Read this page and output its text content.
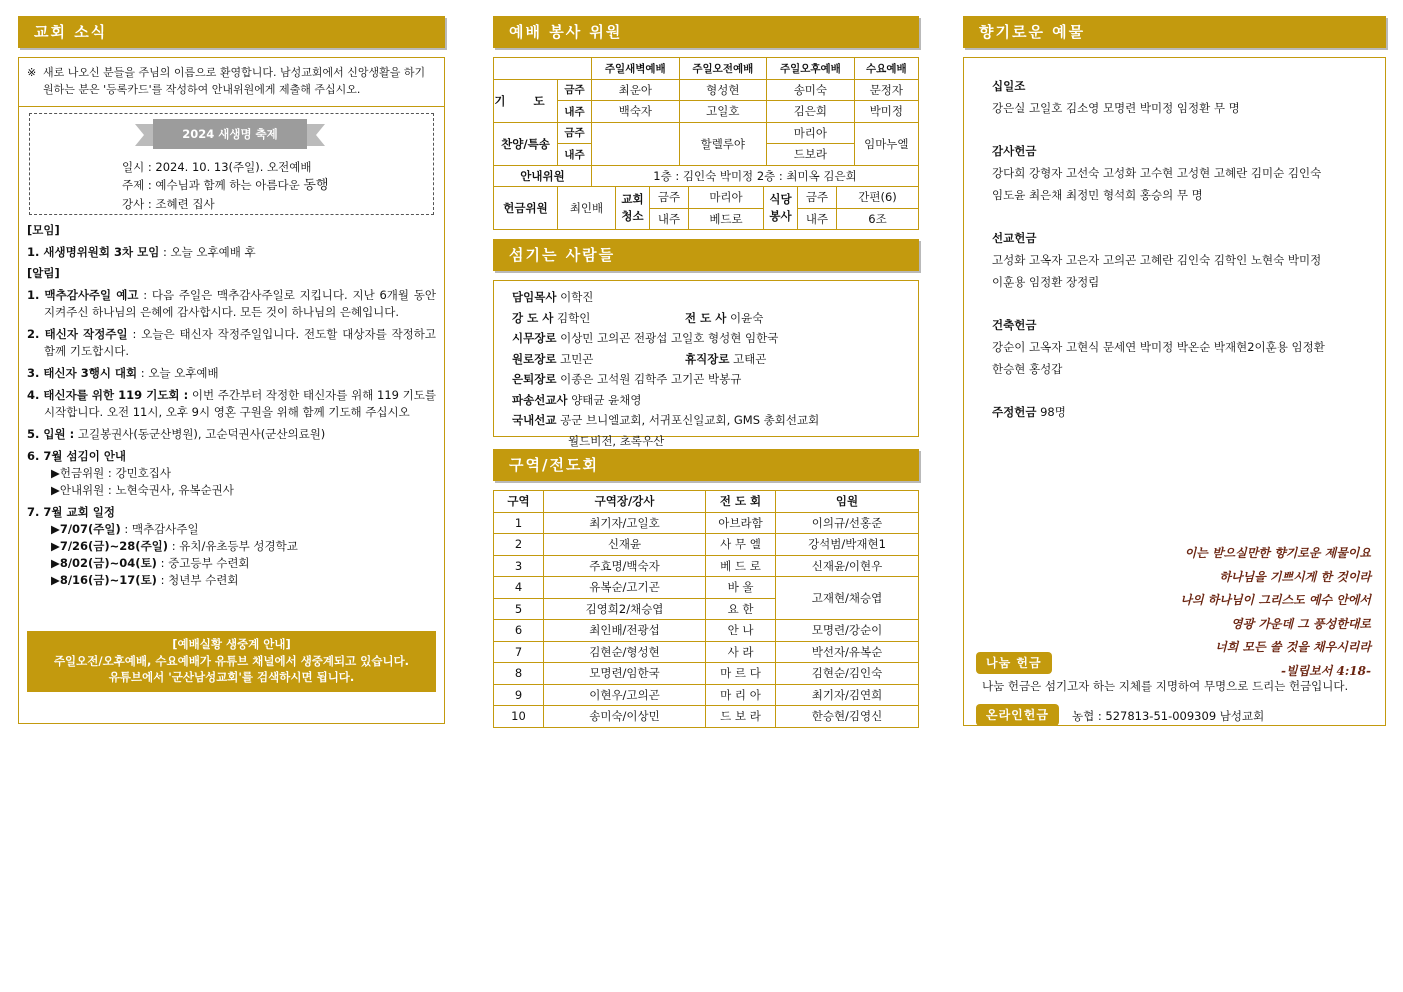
교회 소식
※ 새로 나오신 분들을 주님의 이름으로 환영합니다. 남성교회에서 신앙생활을 하기 원하는 분은 '등록카드'를 작성하여 안내위원에게 제출해 주십시오.
2024 새생명 축제
일시 : 2024. 10. 13(주일). 오전예배
주제 : 예수님과 함께 하는 아름다운 동행
강사 : 조혜련 집사
[모임]
1. 새생명위원회 3차 모임 : 오늘 오후예배 후
[알림]
1. 맥추감사주일 예고 : 다음 주일은 맥추감사주일로 지킵니다. 지난 6개월 동안 지켜주신 하나님의 은혜에 감사합시다. 모든 것이 하나님의 은혜입니다.
2. 태신자 작정주일 : 오늘은 태신자 작정주일입니다. 전도할 대상자를 작정하고 함께 기도합시다.
3. 태신자 3행시 대회 : 오늘 오후예배
4. 태신자를 위한 119 기도회 : 이번 주간부터 작정한 태신자를 위해 119 기도를 시작합니다. 오전 11시, 오후 9시 영혼 구원을 위해 함께 기도해 주십시오
5. 입원 : 고길봉권사(동군산병원), 고순덕권사(군산의료원)
6. 7월 섬김이 안내
▶헌금위원 : 강민호집사
▶안내위원 : 노현숙권사, 유복순권사
7. 7월 교회 일정
▶7/07(주일) : 맥추감사주일
▶7/26(금)~28(주일) : 유치/유초등부 성경학교
▶8/02(금)~04(토) : 중고등부 수련회
▶8/16(금)~17(토) : 청년부 수련회
[예배실황 생중계 안내]
주일오전/오후예배, 수요예배가 유튜브 채널에서 생중계되고 있습니다.
유튜브에서 '군산남성교회'를 검색하시면 됩니다.
예배 봉사 위원
		주일새벽예배	주일오전예배	주일오후예배	수요예배
기 도	금주	최운아	형성현	송미숙	문정자
	내주	백숙자	고일호	김은희	박미정
찬양/특송	금주		할렐루야	마리아	임마누엘
	내주			드보라	
안내위원		1층 : 김인숙 박미정 2층 : 최미옥 김은희			
헌금위원	최인배	교회 청소	금주	마리아	식당 봉사	금주	간편(6)
			내주	베드로		내주	6조
섬기는 사람들
담임목사 이학진
강 도 사 김학인	전 도 사 이윤숙
시무장로 이상민 고의곤 전광섭 고일호 형성현 임한국
원로장로 고민곤	휴직장로 고태곤
은퇴장로 이종은 고석원 김학주 고기곤 박봉규
파송선교사 양태균 윤채영
국내선교 공군 브니엘교회, 서귀포신일교회, GMS 총회선교회
월드비전, 초록우산
구역/전도회
구역	구역장/강사	전 도 회	임원
1	최기자/고일호	아브라함	이의규/선홍준
2	신재윤	사 무 엘	강석범/박재현1
3	주효명/백숙자	베 드 로	신재윤/이현우
4	유복순/고기곤	바 울	고재현/채승엽
5	김영희2/채승엽	요 한	
6	최인배/전광섭	안 나	모명련/강순이
7	김현순/형성현	사 라	박선자/유복순
8	모명련/임한국	마 르 다	김현순/김인숙
9	이현우/고의곤	마 리 아	최기자/김연희
10	송미숙/이상민	드 보 라	한승현/김영신
향기로운 예물
십일조
강은실 고일호 김소영 모명련 박미정 임정환 무 명
감사헌금
강다희 강형자 고선숙 고성화 고수현 고성현 고혜란 김미순 김인숙
임도윤 최은채 최정민 형석희 홍승의 무 명
선교헌금
고성화 고옥자 고은자 고의곤 고혜란 김인숙 김학인 노현숙 박미정
이훈용 임정환 장정림
건축헌금
강순이 고옥자 고현식 문세연 박미정 박온순 박재현2이훈용 임정환
한승현 홍성갑
주정헌금 98명
이는 받으실만한 향기로운 제물이요
하나님을 기쁘시게 한 것이라
나의 하나님이 그리스도 예수 안에서
영광 가운데 그 풍성한대로
너희 모든 쓸 것을 채우시리라
-빌립보서 4:18-
나눔 헌금
나눔 헌금은 섬기고자 하는 지체를 지명하여 무명으로 드리는 헌금입니다.
온라인헌금	농협 : 527813-51-009309 남성교회
